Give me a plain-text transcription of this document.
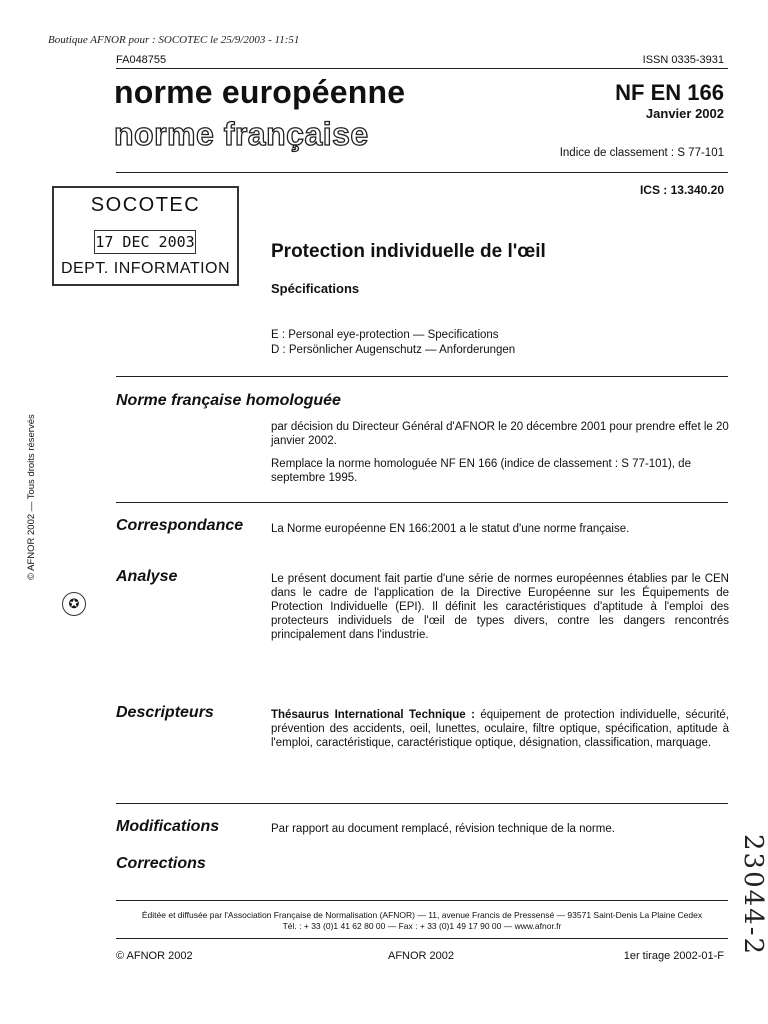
Boutique AFNOR pour : SOCOTEC le 25/9/2003 - 11:51
FA048755	ISSN 0335-3931
norme européenne
norme française
NF EN 166
Janvier 2002
Indice de classement : S 77-101
ICS : 13.340.20
SOCOTEC
17 DEC 2003
DEPT. INFORMATION
Protection individuelle de l'œil
Spécifications
E : Personal eye-protection — Specifications
D : Persönlicher Augenschutz — Anforderungen
Norme française homologuée
par décision du Directeur Général d'AFNOR le 20 décembre 2001 pour prendre effet le 20 janvier 2002.
Remplace la norme homologuée NF EN 166 (indice de classement : S 77-101), de septembre 1995.
© AFNOR 2002 — Tous droits réservés
✪
Correspondance La Norme européenne EN 166:2001 a le statut d'une norme française.
Analyse	Le présent document fait partie d'une série de normes européennes établies par le CEN dans le cadre de l'application de la Directive Européenne sur les Équipements de Protection Individuelle (EPI). Il définit les caractéristiques d'aptitude à l'emploi des protecteurs individuels de l'œil de types divers, contre les dangers rencontrés principalement dans l'industrie.
Descripteurs	Thésaurus International Technique : équipement de protection individuelle, sécurité, prévention des accidents, oeil, lunettes, oculaire, filtre optique, spécification, aptitude à l'emploi, caractéristique, caractéristique optique, désignation, classification, marquage.
Modifications	Par rapport au document remplacé, révision technique de la norme.
Corrections
Éditée et diffusée par l'Association Française de Normalisation (AFNOR) — 11, avenue Francis de Pressensé — 93571 Saint-Denis La Plaine Cedex
Tél. : + 33 (0)1 41 62 80 00 — Fax : + 33 (0)1 49 17 90 00 — www.afnor.fr
© AFNOR 2002	AFNOR 2002	1er tirage 2002-01-F 23044-2
